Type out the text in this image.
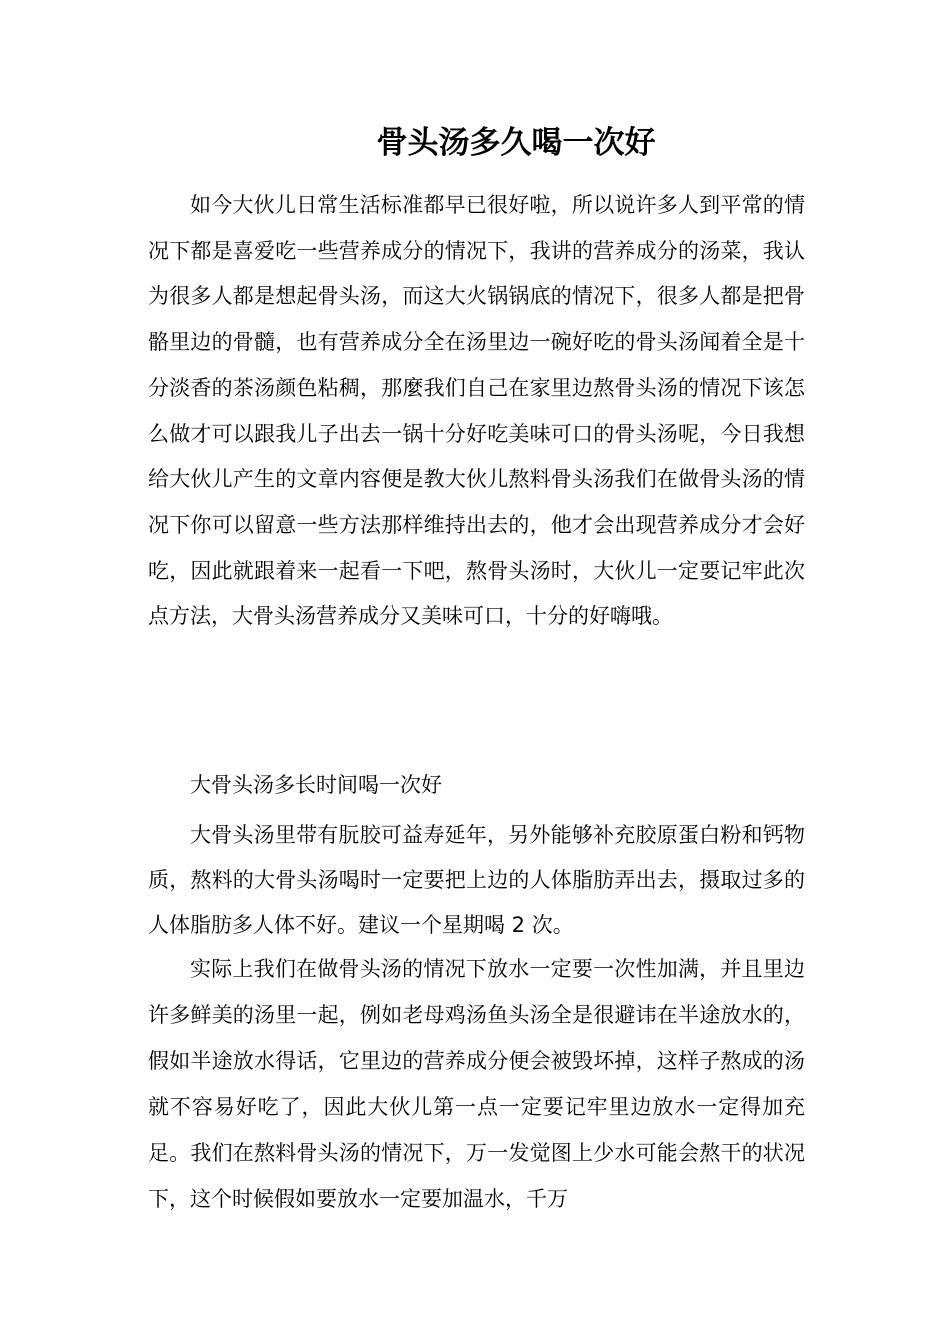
骨头汤多久喝一次好

如今大伙儿日常生活标准都早已很好啦，所以说许多人到平常的情况下都是喜爱吃一些营养成分的情况下，我讲的营养成分的汤菜，我认为很多人都是想起骨头汤，而这大火锅锅底的情况下，很多人都是把骨骼里边的骨髓，也有营养成分全在汤里边一碗好吃的骨头汤闻着全是十分淡香的茶汤颜色粘稠，那麼我们自己在家里边熬骨头汤的情况下该怎么做才可以跟我儿子出去一锅十分好吃美味可口的骨头汤呢，今日我想给大伙儿产生的文章内容便是教大伙儿熬料骨头汤我们在做骨头汤的情况下你可以留意一些方法那样维持出去的，他才会出现营养成分才会好吃，因此就跟着来一起看一下吧，熬骨头汤时，大伙儿一定要记牢此次点方法，大骨头汤营养成分又美味可口，十分的好嗨哦。

大骨头汤多长时间喝一次好

大骨头汤里带有朊胶可益寿延年，另外能够补充胶原蛋白粉和钙物质，熬料的大骨头汤喝时一定要把上边的人体脂肪弄出去，摄取过多的人体脂肪多人体不好。建议一个星期喝 2 次。

实际上我们在做骨头汤的情况下放水一定要一次性加满，并且里边许多鲜美的汤里一起，例如老母鸡汤鱼头汤全是很避讳在半途放水的，假如半途放水得话，它里边的营养成分便会被毁坏掉，这样子熬成的汤就不容易好吃了，因此大伙儿第一点一定要记牢里边放水一定得加充足。我们在熬料骨头汤的情况下，万一发觉图上少水可能会熬干的状况下，这个时候假如要放水一定要加温水，千万
